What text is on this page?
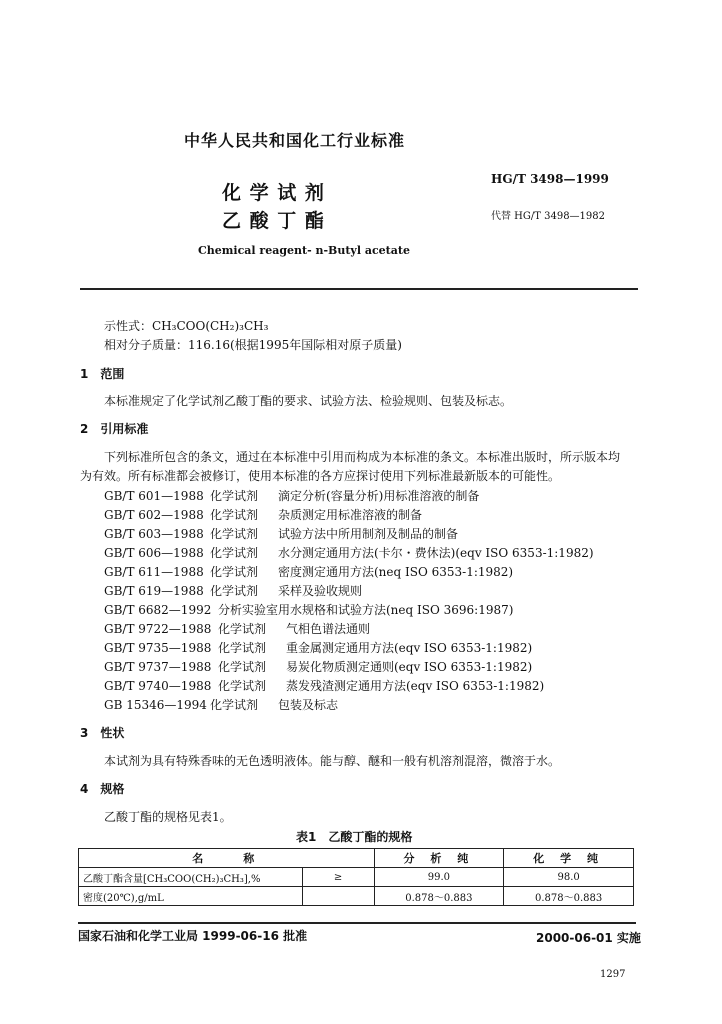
中华人民共和国化工行业标准
HG/T 3498—1999
化 学 试 剂
代替 HG/T 3498—1982
乙 酸 丁 酯
Chemical reagent- n-Butyl acetate
示性式：CH₃COO(CH₂)₃CH₃
相对分子质量：116.16(根据1995年国际相对原子质量)
1　范围
本标准规定了化学试剂乙酸丁酯的要求、试验方法、检验规则、包装及标志。
2　引用标准
下列标准所包含的条文，通过在本标准中引用而构成为本标准的条文。本标准出版时，所示版本均
为有效。所有标准都会被修订，使用本标准的各方应探讨使用下列标准最新版本的可能性。
GB/T 601—1988 化学试剂 滴定分析(容量分析)用标准溶液的制备
GB/T 602—1988 化学试剂 杂质测定用标准溶液的制备
GB/T 603—1988 化学试剂 试验方法中所用制剂及制品的制备
GB/T 606—1988 化学试剂 水分测定通用方法(卡尔・费休法)(eqv ISO 6353-1:1982)
GB/T 611—1988 化学试剂 密度测定通用方法(neq ISO 6353-1:1982)
GB/T 619—1988 化学试剂 采样及验收规则
GB/T 6682—1992 分析实验室用水规格和试验方法(neq ISO 3696:1987)
GB/T 9722—1988 化学试剂 气相色谱法通则
GB/T 9735—1988 化学试剂 重金属测定通用方法(eqv ISO 6353-1:1982)
GB/T 9737—1988 化学试剂 易炭化物质测定通则(eqv ISO 6353-1:1982)
GB/T 9740—1988 化学试剂 蒸发残渣测定通用方法(eqv ISO 6353-1:1982)
GB 15346—1994 化学试剂 包装及标志
3　性状
本试剂为具有特殊香味的无色透明液体。能与醇、醚和一般有机溶剂混溶，微溶于水。
4　规格
乙酸丁酯的规格见表1。
表1　乙酸丁酯的规格
名　　称		分 析 纯	化 学 纯
乙酸丁酯含量[CH₃COO(CH₂)₃CH₃],%	≥	99.0	98.0
密度(20℃),g/mL		0.878～0.883	0.878～0.883
国家石油和化学工业局 1999-06-16 批准	2000-06-01 实施
1297
